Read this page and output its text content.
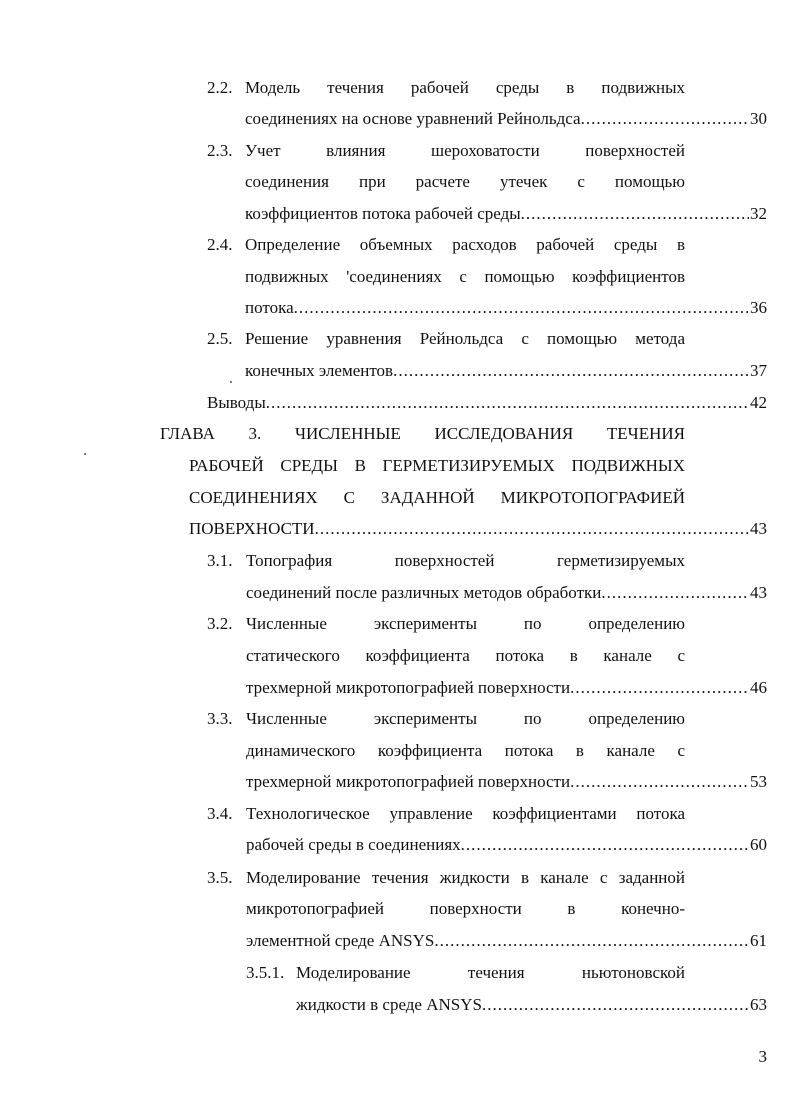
2.2. Модель течения рабочей среды в подвижных
соединениях на основе уравнений Рейнольдса .....	30
2.3. Учет влияния шероховатости поверхностей
соединения при расчете утечек с помощью
коэффициентов потока рабочей среды .....	32
2.4. Определение объемных расходов рабочей среды в
подвижных 'соединениях с помощью коэффициентов
потока .....	36
2.5. Решение уравнения Рейнольдса с помощью метода
конечных элементов .....	37
Выводы .....	42
ГЛАВА 3. ЧИСЛЕННЫЕ ИССЛЕДОВАНИЯ ТЕЧЕНИЯ
РАБОЧЕЙ СРЕДЫ В ГЕРМЕТИЗИРУЕМЫХ ПОДВИЖНЫХ
СОЕДИНЕНИЯХ С ЗАДАННОЙ МИКРОТОПОГРАФИЕЙ
ПОВЕРХНОСТИ .....	43
3.1. Топография поверхностей герметизируемых
соединений после различных методов обработки .....	43
3.2. Численные эксперименты по определению
статического коэффициента потока в канале с
трехмерной микротопографией поверхности .....	46
3.3. Численные эксперименты по определению
динамического коэффициента потока в канале с
трехмерной микротопографией поверхности .....	53
3.4. Технологическое управление коэффициентами потока
рабочей среды в соединениях .....	60
3.5. Моделирование течения жидкости в канале с заданной
микротопографией поверхности в конечно-
элементной среде ANSYS .....	61
3.5.1. Моделирование течения ньютоновской
жидкости в среде ANSYS .....	63
3
